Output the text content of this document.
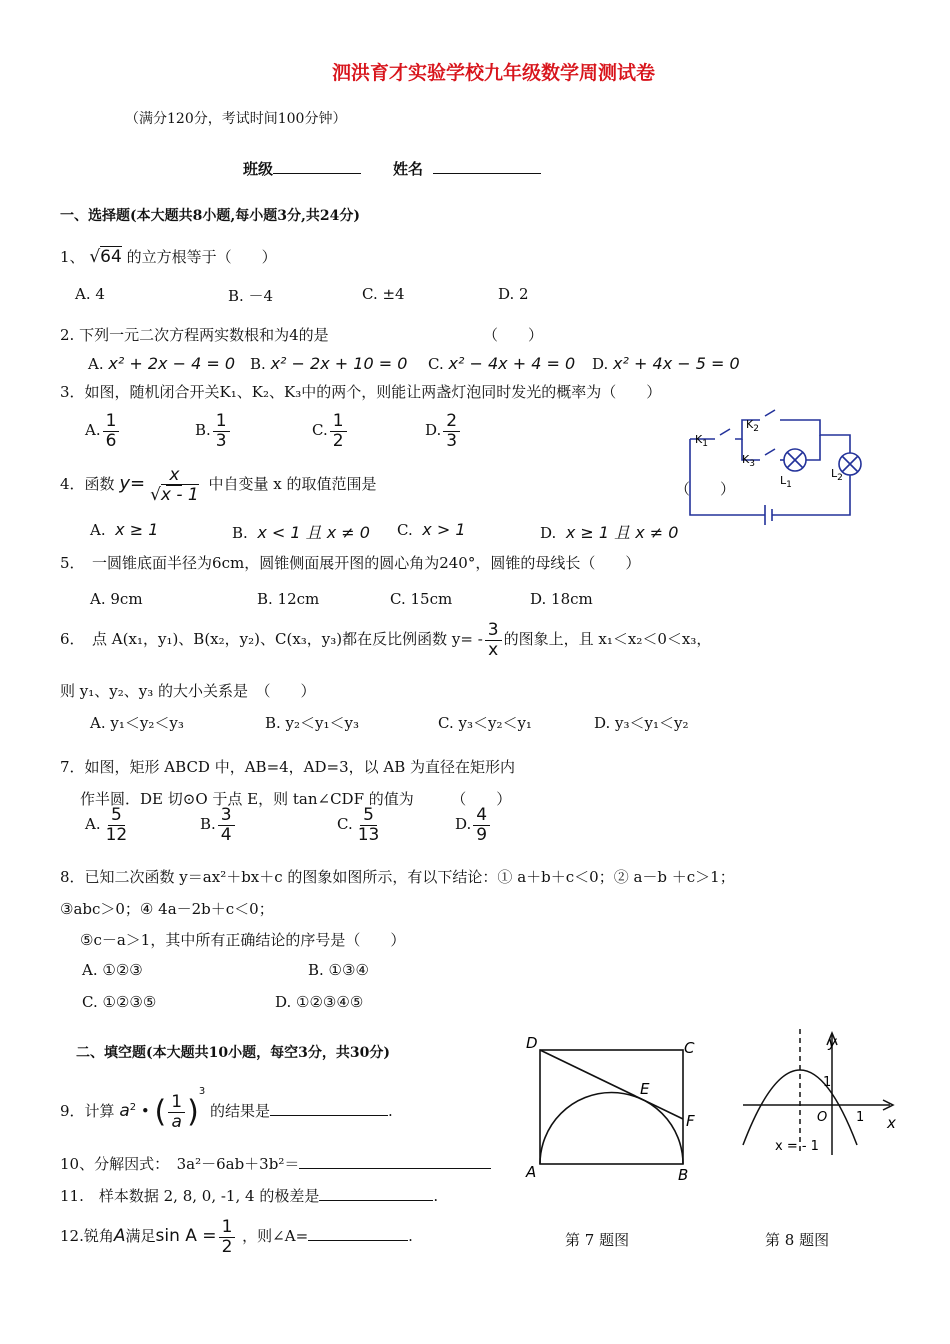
泗洪育才实验学校九年级数学周测试卷
（满分120分，考试时间100分钟）
班级	姓名
一、选择题(本大题共8小题,每小题3分,共24分)
1、 √64 的立方根等于（　　）
A. 4	B. －4	C. ±4	D. 2
2. 下列一元二次方程两实数根和为4的是	（　　）
A. x² + 2x − 4 = 0 B. x² − 2x + 10 = 0 C. x² − 4x + 4 = 0 D. x² + 4x − 5 = 0
3．如图，随机闭合开关K₁、K₂、K₃中的两个，则能让两盏灯泡同时发光的概率为（　　）
A. $\frac{1}{6}$	B. $\frac{1}{3}$	C. $\frac{1}{2}$	D. $\frac{2}{3}$	$K_1$
$K_2$
$K_3$
$L_1$
$L_2$
4．函数 $y= \frac{x}{√x - 1}$ 中自变量 x 的取值范围是	（　　）
A. x ≥ 1	B. x < 1 且 x ≠ 0 C. x > 1	D. x ≥ 1 且 x ≠ 0
5．　一圆锥底面半径为6cm，圆锥侧面展开图的圆心角为240°，圆锥的母线长（　　）
A. 9cm	B. 12cm	C. 15cm	D. 18cm
6．　点 A(x₁，y₁)、B(x₂，y₂)、C(x₃，y₃)都在反比例函数 $y= - \frac{3}{x}$ 的图象上，且 x₁＜x₂＜0＜x₃，
则 y₁、y₂、y₃ 的大小关系是　（　　）
A. y₁＜y₂＜y₃	B. y₂＜y₁＜y₃	C. y₃＜y₂＜y₁	D. y₃＜y₁＜y₂
7．如图，矩形 ABCD 中，AB=4，AD=3，以 AB 为直径在矩形内
作半圆．DE 切⊙O 于点 E，则 tan∠CDF 的值为　　　（　　）
A. $\frac{5}{12}$	B. $\frac{3}{4}$	C. $\frac{5}{13}$	D. $\frac{4}{9}$
8．已知二次函数 y＝ax²＋bx＋c 的图象如图所示，有以下结论：① a＋b＋c＜0；② a－b ＋c＞1；
③abc＞0；④ 4a－2b＋c＜0；
⑤c－a＞1，其中所有正确结论的序号是（　　）
A. ①②③	B. ①③④
C. ①②③⑤	D. ①②③④⑤
二、填空题(本大题共10小题，每空3分，共30分)
9．计算 $a^2$ • ( $\frac{1}{a} )^3$ 的结果是	.
10、分解因式：　3a²－6ab＋3b²＝
11.　样本数据 2, 8, 0, -1, 4 的极差是	.
12.锐角A满足$\sin A = \frac{1}{2}$ ，则∠A=	.
D	C
E
F
A	B
y
x
O 1
1
x = - 1
第 7 题图	第 8 题图
